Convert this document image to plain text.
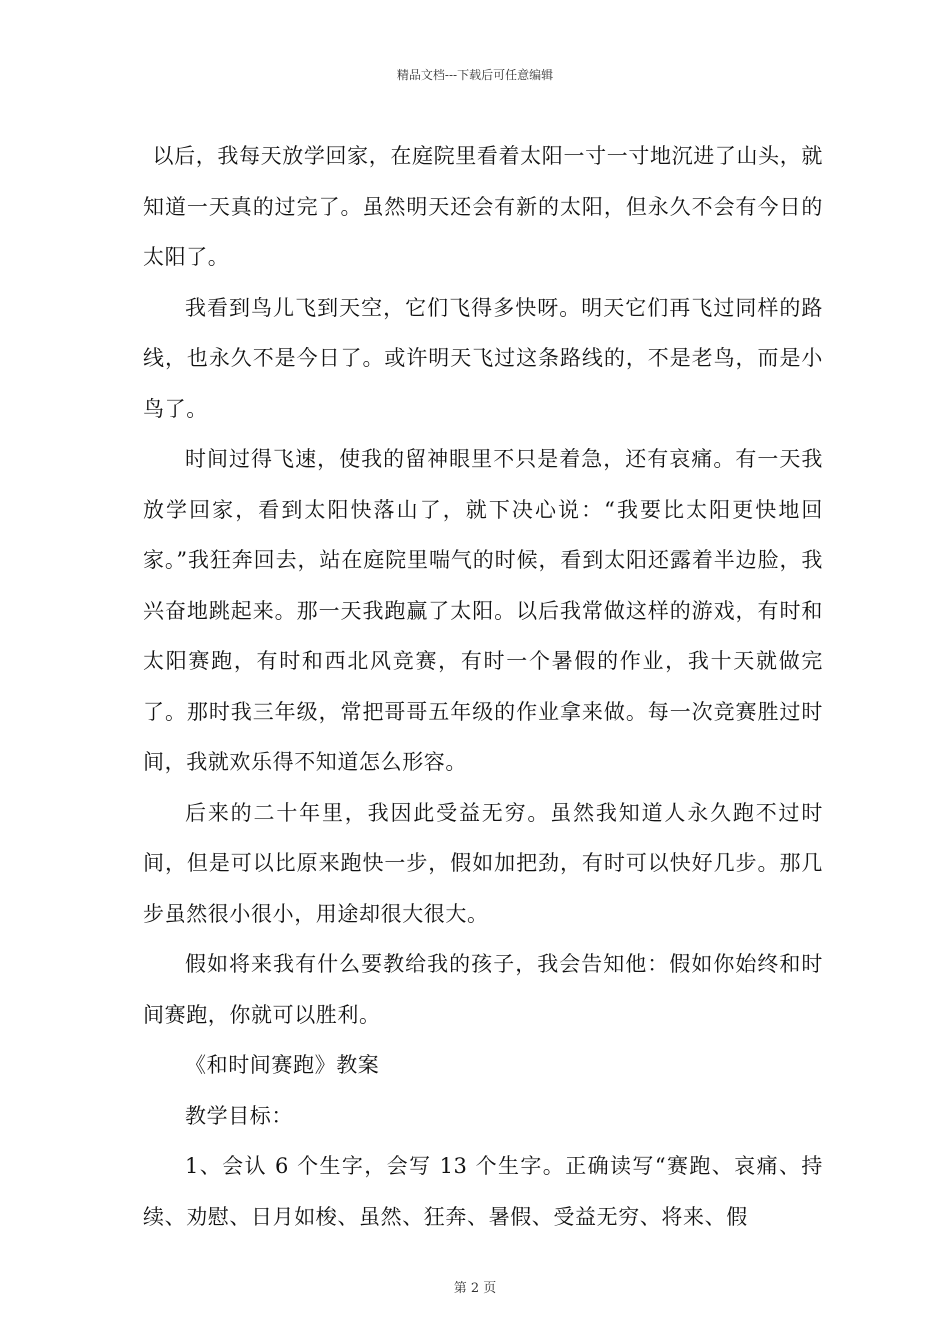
精品文档---下载后可任意编辑

以后，我每天放学回家，在庭院里看着太阳一寸一寸地沉进了山头，就知道一天真的过完了。虽然明天还会有新的太阳，但永久不会有今日的太阳了。

我看到鸟儿飞到天空，它们飞得多快呀。明天它们再飞过同样的路线，也永久不是今日了。或许明天飞过这条路线的，不是老鸟，而是小鸟了。

时间过得飞速，使我的留神眼里不只是着急，还有哀痛。有一天我放学回家，看到太阳快落山了，就下决心说：“我要比太阳更快地回家。”我狂奔回去，站在庭院里喘气的时候，看到太阳还露着半边脸，我兴奋地跳起来。那一天我跑赢了太阳。以后我常做这样的游戏，有时和太阳赛跑，有时和西北风竞赛，有时一个暑假的作业，我十天就做完了。那时我三年级，常把哥哥五年级的作业拿来做。每一次竞赛胜过时间，我就欢乐得不知道怎么形容。

后来的二十年里，我因此受益无穷。虽然我知道人永久跑不过时间，但是可以比原来跑快一步，假如加把劲，有时可以快好几步。那几步虽然很小很小，用途却很大很大。

假如将来我有什么要教给我的孩子，我会告知他：假如你始终和时间赛跑，你就可以胜利。

《和时间赛跑》教案

教学目标：

1、会认 6 个生字，会写 13 个生字。正确读写“赛跑、哀痛、持续、劝慰、日月如梭、虽然、狂奔、暑假、受益无穷、将来、假

第 2 页
